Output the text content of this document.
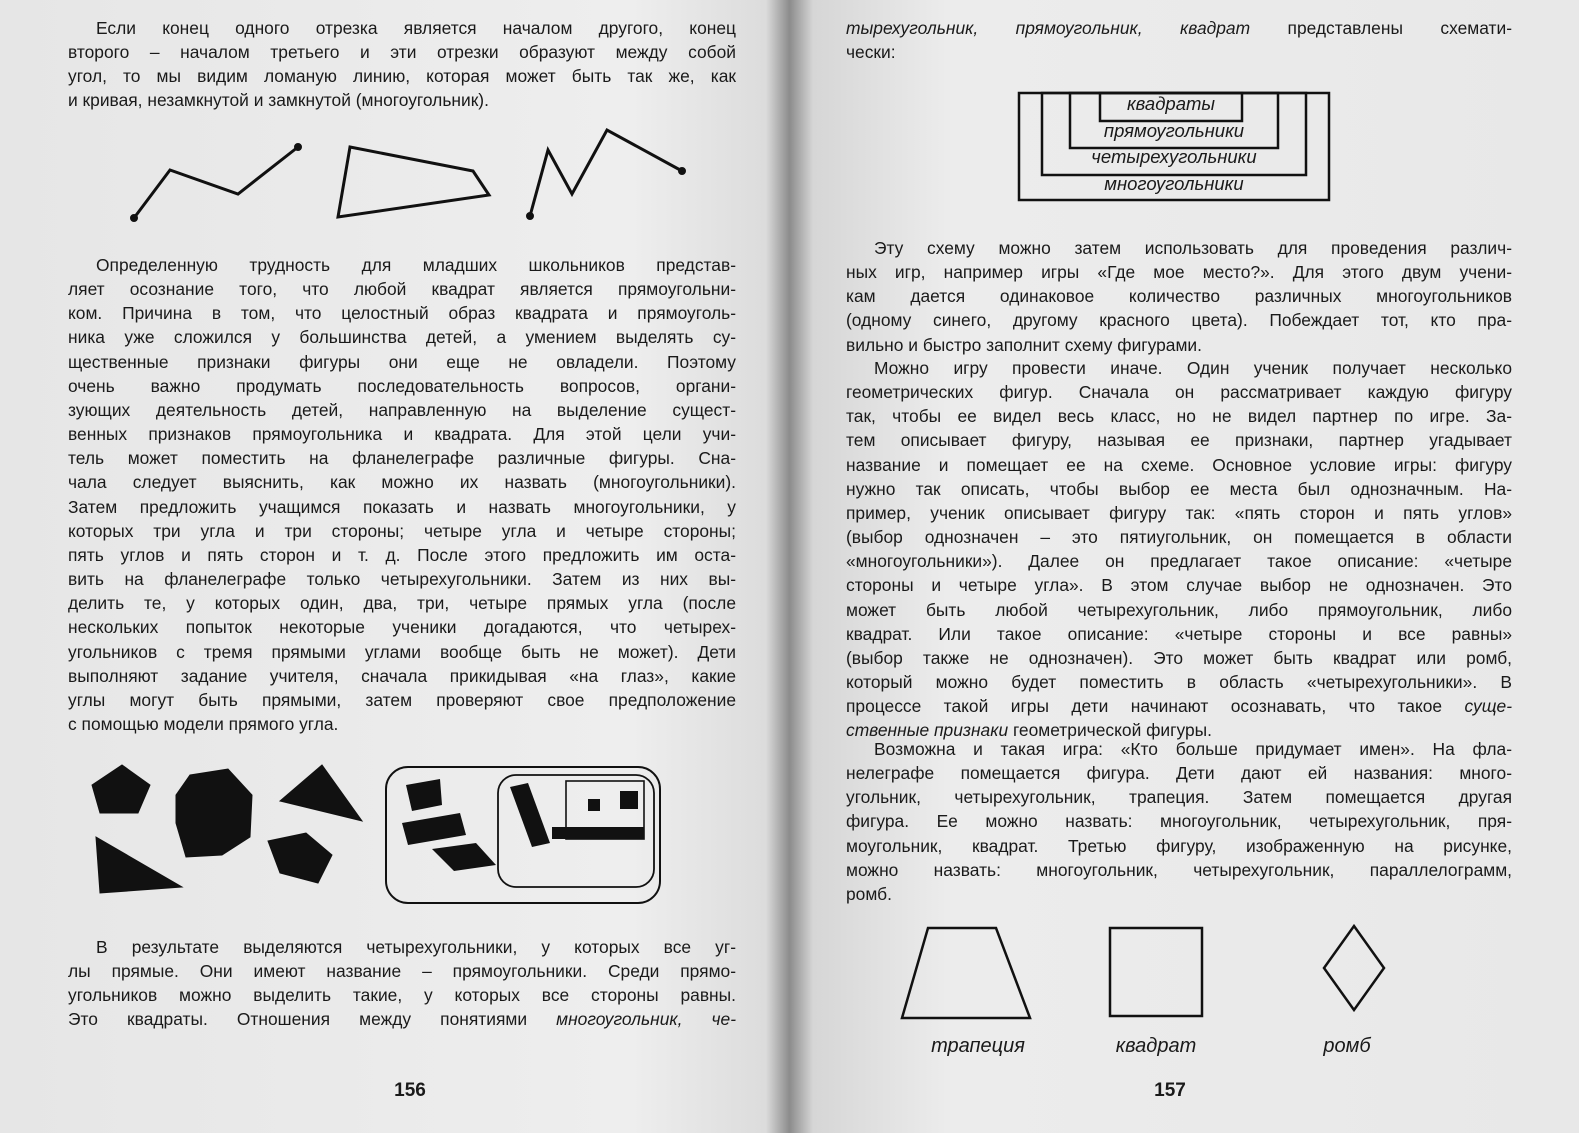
Если конец одного отрезка является началом другого, конец
второго – началом третьего и эти отрезки образуют между собой
угол, то мы видим ломаную линию, которая может быть так же, как
и кривая, незамкнутой и замкнутой (многоугольник).
Определенную трудность для младших школьников представ-
ляет осознание того, что любой квадрат является прямоугольни-
ком. Причина в том, что целостный образ квадрата и прямоуголь-
ника уже сложился у большинства детей, а умением выделять су-
щественные признаки фигуры они еще не овладели. Поэтому
очень важно продумать последовательность вопросов, органи-
зующих деятельность детей, направленную на выделение сущест-
венных признаков прямоугольника и квадрата. Для этой цели учи-
тель может поместить на фланелеграфе различные фигуры. Сна-
чала следует выяснить, как можно их назвать (многоугольники).
Затем предложить учащимся показать и назвать многоугольники, у
которых три угла и три стороны; четыре угла и четыре стороны;
пять углов и пять сторон и т. д. После этого предложить им оста-
вить на фланелеграфе только четырехугольники. Затем из них вы-
делить те, у которых один, два, три, четыре прямых угла (после
нескольких попыток некоторые ученики догадаются, что четырех-
угольников с тремя прямыми углами вообще быть не может). Дети
выполняют задание учителя, сначала прикидывая «на глаз», какие
углы могут быть прямыми, затем проверяют свое предположение
с помощью модели прямого угла.
В результате выделяются четырехугольники, у которых все уг-
лы прямые. Они имеют название – прямоугольники. Среди прямо-
угольников можно выделить такие, у которых все стороны равны.
Это квадраты. Отношения между понятиями многоугольник, че-
156
тырехугольник, прямоугольник, квадрат представлены схемати-
чески:
квадраты
прямоугольники
четырехугольники
многоугольники
Эту схему можно затем использовать для проведения различ-
ных игр, например игры «Где мое место?». Для этого двум учени-
кам дается одинаковое количество различных многоугольников
(одному синего, другому красного цвета). Побеждает тот, кто пра-
вильно и быстро заполнит схему фигурами.
Можно игру провести иначе. Один ученик получает несколько
геометрических фигур. Сначала он рассматривает каждую фигуру
так, чтобы ее видел весь класс, но не видел партнер по игре. За-
тем описывает фигуру, называя ее признаки, партнер угадывает
название и помещает ее на схеме. Основное условие игры: фигуру
нужно так описать, чтобы выбор ее места был однозначным. На-
пример, ученик описывает фигуру так: «пять сторон и пять углов»
(выбор однозначен – это пятиугольник, он помещается в области
«многоугольники»). Далее он предлагает такое описание: «четыре
стороны и четыре угла». В этом случае выбор не однозначен. Это
может быть любой четырехугольник, либо прямоугольник, либо
квадрат. Или такое описание: «четыре стороны и все равны»
(выбор также не однозначен). Это может быть квадрат или ромб,
который можно будет поместить в область «четырехугольники». В
процессе такой игры дети начинают осознавать, что такое суще-
ственные признаки геометрической фигуры.
Возможна и такая игра: «Кто больше придумает имен». На фла-
нелеграфе помещается фигура. Дети дают ей названия: много-
угольник, четырехугольник, трапеция. Затем помещается другая
фигура. Ее можно назвать: многоугольник, четырехугольник, пря-
моугольник, квадрат. Третью фигуру, изображенную на рисунке,
можно назвать: многоугольник, четырехугольник, параллелограмм,
ромб.
трапеция	квадрат	ромб
157
